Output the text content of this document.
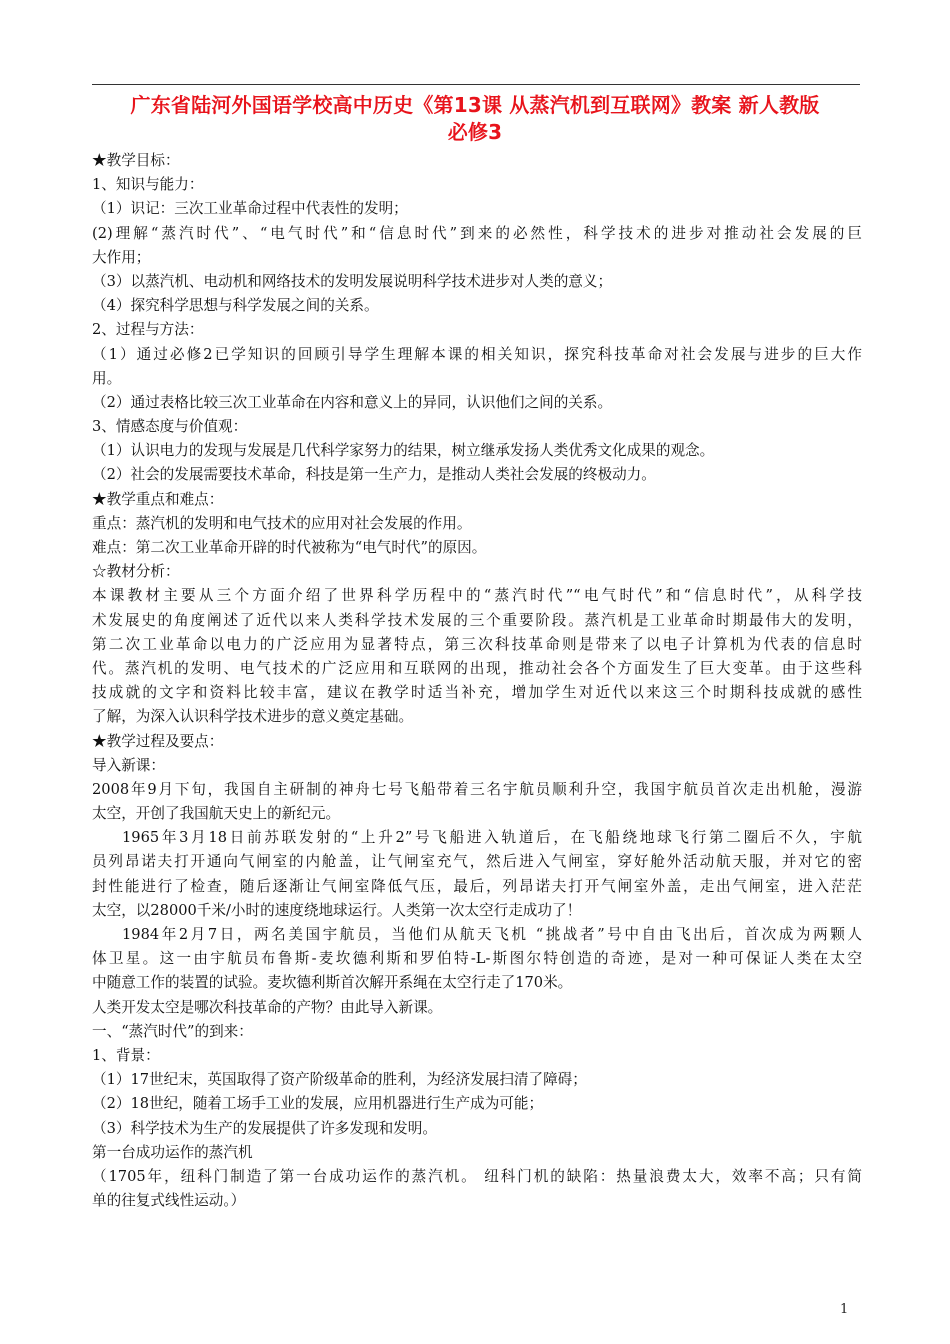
广东省陆河外国语学校高中历史《第13课 从蒸汽机到互联网》教案 新人教版
必修3
★教学目标：
1、知识与能力：
（1）识记：三次工业革命过程中代表性的发明；
(2)理解“蒸汽时代”、“电气时代”和“信息时代”到来的必然性，科学技术的进步对推动社会发展的巨
大作用；
（3）以蒸汽机、电动机和网络技术的发明发展说明科学技术进步对人类的意义；
（4）探究科学思想与科学发展之间的关系。
2、过程与方法：
（1）通过必修2已学知识的回顾引导学生理解本课的相关知识，探究科技革命对社会发展与进步的巨大作
用。
（2）通过表格比较三次工业革命在内容和意义上的异同，认识他们之间的关系。
3、情感态度与价值观：
（1）认识电力的发现与发展是几代科学家努力的结果，树立继承发扬人类优秀文化成果的观念。
（2）社会的发展需要技术革命，科技是第一生产力，是推动人类社会发展的终极动力。
★教学重点和难点：
重点：蒸汽机的发明和电气技术的应用对社会发展的作用。
难点：第二次工业革命开辟的时代被称为“电气时代”的原因。
☆教材分析：
本课教材主要从三个方面介绍了世界科学历程中的“蒸汽时代”“电气时代”和“信息时代”，从科学技
术发展史的角度阐述了近代以来人类科学技术发展的三个重要阶段。蒸汽机是工业革命时期最伟大的发明，
第二次工业革命以电力的广泛应用为显著特点，第三次科技革命则是带来了以电子计算机为代表的信息时
代。蒸汽机的发明、电气技术的广泛应用和互联网的出现，推动社会各个方面发生了巨大变革。由于这些科
技成就的文字和资料比较丰富，建议在教学时适当补充，增加学生对近代以来这三个时期科技成就的感性
了解，为深入认识科学技术进步的意义奠定基础。
★教学过程及要点：
导入新课：
2008年9月下旬，我国自主研制的神舟七号飞船带着三名宇航员顺利升空，我国宇航员首次走出机舱，漫游
太空，开创了我国航天史上的新纪元。
1965年3月18日前苏联发射的“上升2”号飞船进入轨道后，在飞船绕地球飞行第二圈后不久，宇航
员列昂诺夫打开通向气闸室的内舱盖，让气闸室充气，然后进入气闸室，穿好舱外活动航天服，并对它的密
封性能进行了检查，随后逐渐让气闸室降低气压，最后，列昂诺夫打开气闸室外盖，走出气闸室，进入茫茫
太空，以28000千米/小时的速度绕地球运行。人类第一次太空行走成功了！
1984年2月7日，两名美国宇航员，当他们从航天飞机 “挑战者”号中自由飞出后，首次成为两颗人
体卫星。这一由宇航员布鲁斯-麦坎德利斯和罗伯特-L-斯图尔特创造的奇迹，是对一种可保证人类在太空
中随意工作的装置的试验。麦坎德利斯首次解开系绳在太空行走了170米。
人类开发太空是哪次科技革命的产物？由此导入新课。
一、“蒸汽时代”的到来：
1、背景：
（1）17世纪末，英国取得了资产阶级革命的胜利，为经济发展扫清了障碍；
（2）18世纪，随着工场手工业的发展，应用机器进行生产成为可能；
（3）科学技术为生产的发展提供了许多发现和发明。
第一台成功运作的蒸汽机
（1705年，纽科门制造了第一台成功运作的蒸汽机。 纽科门机的缺陷：热量浪费太大，效率不高；只有简
单的往复式线性运动。）
1
